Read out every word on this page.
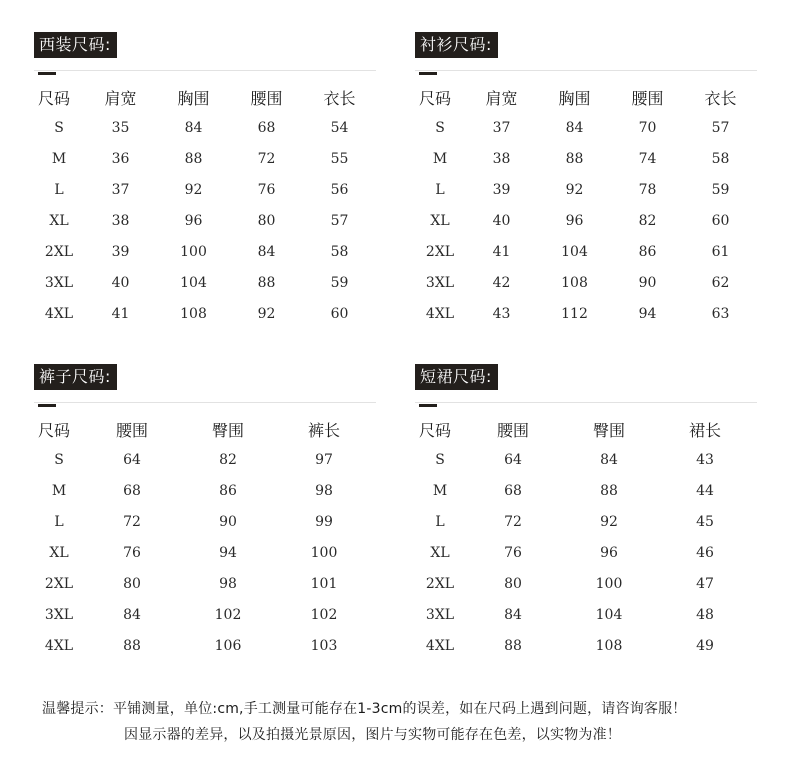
西装尺码:
尺码	肩宽	胸围	腰围	衣长
S	35	84	68	54
M	36	88	72	55
L	37	92	76	56
XL	38	96	80	57
2XL	39	100	84	58
3XL	40	104	88	59
4XL	41	108	92	60
衬衫尺码:
尺码	肩宽	胸围	腰围	衣长
S	37	84	70	57
M	38	88	74	58
L	39	92	78	59
XL	40	96	82	60
2XL	41	104	86	61
3XL	42	108	90	62
4XL	43	112	94	63
裤子尺码:
尺码	腰围	臀围	裤长
S	64	82	97
M	68	86	98
L	72	90	99
XL	76	94	100
2XL	80	98	101
3XL	84	102	102
4XL	88	106	103
短裙尺码:
尺码	腰围	臀围	裙长
S	64	84	43
M	68	88	44
L	72	92	45
XL	76	96	46
2XL	80	100	47
3XL	84	104	48
4XL	88	108	49
温馨提示：平铺测量，单位:cm,手工测量可能存在1-3cm的误差，如在尺码上遇到问题，请咨询客服！
因显示器的差异，以及拍摄光景原因，图片与实物可能存在色差，以实物为准！
